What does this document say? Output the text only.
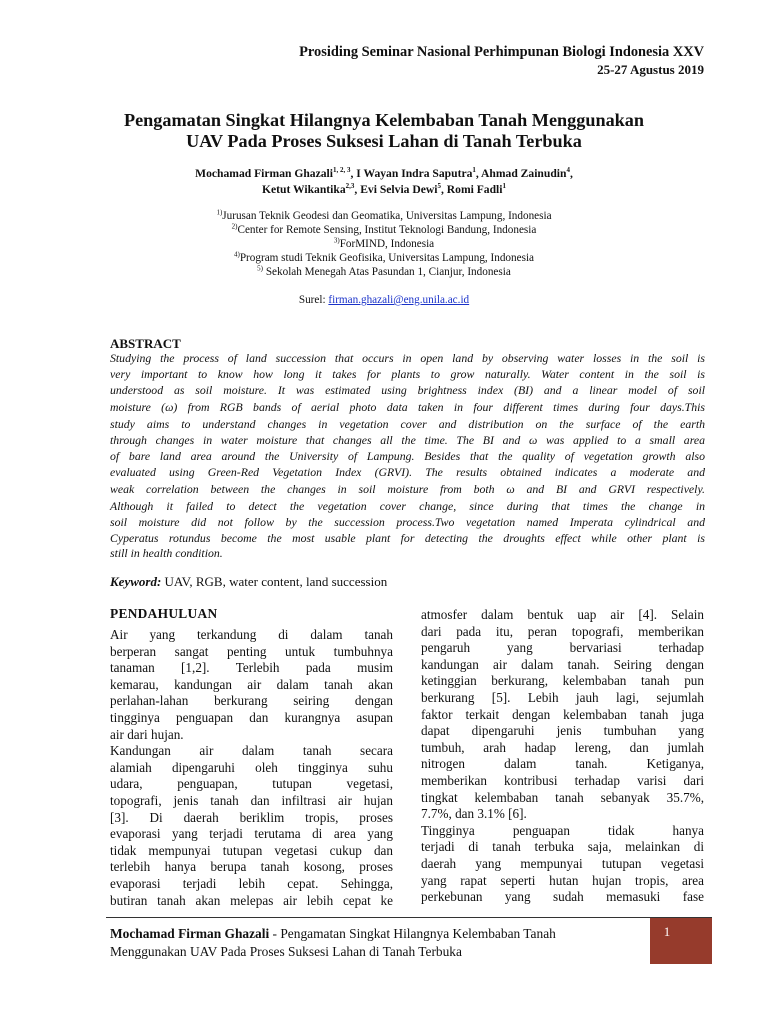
Prosiding Seminar Nasional Perhimpunan Biologi Indonesia XXV
25-27 Agustus 2019
Pengamatan Singkat Hilangnya Kelembaban Tanah Menggunakan
UAV Pada Proses Suksesi Lahan di Tanah Terbuka
Mochamad Firman Ghazali$^{1, 2, 3}$, I Wayan Indra Saputra$^1$, Ahmad Zainudin$^4$,
Ketut Wikantika$^{2,3}$, Evi Selvia Dewi$^5$, Romi Fadli$^1$
$^{1)}$Jurusan Teknik Geodesi dan Geomatika, Universitas Lampung, Indonesia
$^{2)}$Center for Remote Sensing, Institut Teknologi Bandung, Indonesia
$^{3)}$ForMIND, Indonesia
$^{4)}$Program studi Teknik Geofisika, Universitas Lampung, Indonesia
$^{5)}$ Sekolah Menegah Atas Pasundan 1, Cianjur, Indonesia
Surel: firman.ghazali@eng.unila.ac.id
ABSTRACT
Studying the process of land succession that occurs in open land by observing water losses in the soil is
very important to know how long it takes for plants to grow naturally. Water content in the soil is
understood as soil moisture. It was estimated using brightness index (BI) and a linear model of soil
moisture (ω) from RGB bands of aerial photo data taken in four different times during four days.This
study aims to understand changes in vegetation cover and distribution on the surface of the earth
through changes in water moisture that changes all the time. The BI and ω was applied to a small area
of bare land area around the University of Lampung. Besides that the quality of vegetation growth also
evaluated using Green-Red Vegetation Index (GRVI). The results obtained indicates a moderate and
weak correlation between the changes in soil moisture from both ω and BI and GRVI respectively.
Although it failed to detect the vegetation cover change, since during that times the change in
soil moisture did not follow by the succession process.Two vegetation named Imperata cylindrical and
Cyperatus rotundus become the most usable plant for detecting the droughts effect while other plant is
still in health condition.
Keyword: UAV, RGB, water content, land succession
PENDAHULUAN
Air yang terkandung di dalam tanah
berperan sangat penting untuk tumbuhnya
tanaman [1,2]. Terlebih pada musim
kemarau, kandungan air dalam tanah akan
perlahan-lahan berkurang seiring dengan
tingginya penguapan dan kurangnya asupan
air dari hujan.
Kandungan air dalam tanah secara
alamiah dipengaruhi oleh tingginya suhu
udara, penguapan, tutupan vegetasi,
topografi, jenis tanah dan infiltrasi air hujan
[3]. Di daerah beriklim tropis, proses
evaporasi yang terjadi terutama di area yang
tidak mempunyai tutupan vegetasi cukup dan
terlebih hanya berupa tanah kosong, proses
atmosfer dalam bentuk uap air [4]. Selain
dari pada itu, peran topografi, memberikan
pengaruh yang bervariasi terhadap
kandungan air dalam tanah. Seiring dengan
ketinggian berkurang, kelembaban tanah pun
berkurang [5]. Lebih jauh lagi, sejumlah
faktor terkait dengan kelembaban tanah juga
dapat dipengaruhi jenis tumbuhan yang
tumbuh, arah hadap lereng, dan jumlah
nitrogen dalam tanah. Ketiganya,
memberikan kontribusi terhadap varisi dari
tingkat kelembaban tanah sebanyak 35.7%,
7.7%, dan 3.1% [6].
Tingginya penguapan tidak hanya
terjadi di tanah terbuka saja, melainkan di
daerah yang mempunyai tutupan vegetasi
1
Mochamad Firman Ghazali - Pengamatan Singkat Hilangnya Kelembaban Tanah
Menggunakan UAV Pada Proses Suksesi Lahan di Tanah Terbuka
evaporasi terjadi lebih cepat. Sehingga,
butiran tanah akan melepas air lebih cepat ke
yang rapat seperti hutan hujan tropis, area
perkebunan yang sudah memasuki fase
